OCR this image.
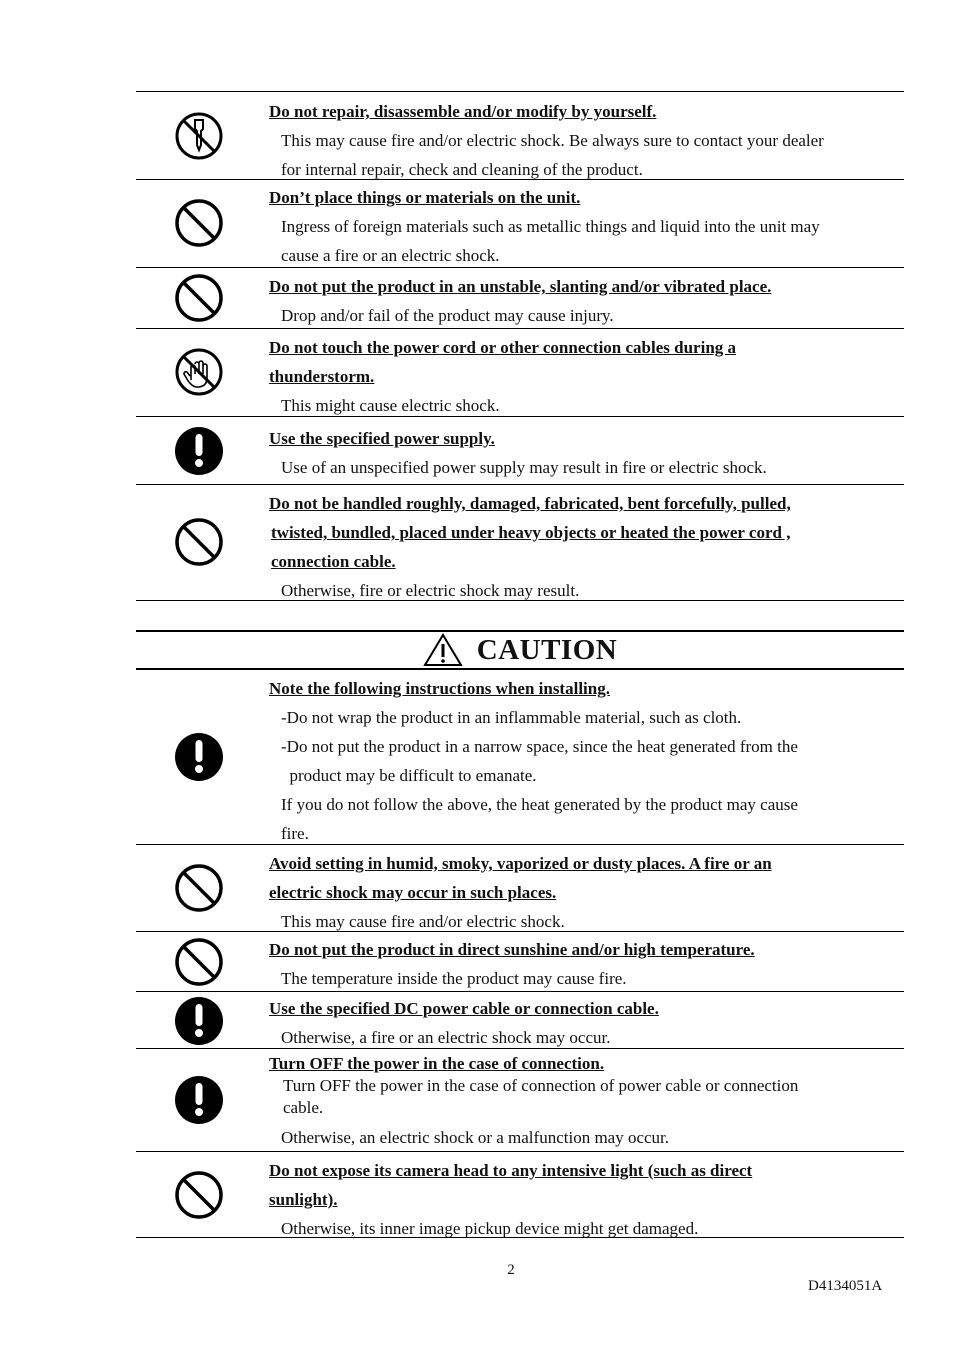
Do not repair, disassemble and/or modify by yourself.
This may cause fire and/or electric shock. Be always sure to contact your dealer
for internal repair, check and cleaning of the product.
Don’t place things or materials on the unit.
Ingress of foreign materials such as metallic things and liquid into the unit may
cause a fire or an electric shock.
Do not put the product in an unstable, slanting and/or vibrated place.
Drop and/or fail of the product may cause injury.
Do not touch the power cord or other connection cables during a
thunderstorm.
This might cause electric shock.
Use the specified power supply.
Use of an unspecified power supply may result in fire or electric shock.
Do not be handled roughly, damaged, fabricated, bent forcefully, pulled,
twisted, bundled, placed under heavy objects or heated the power cord ,
connection cable.
Otherwise, fire or electric shock may result.
CAUTION
Note the following instructions when installing.
-Do not wrap the product in an inflammable material, such as cloth.
-Do not put the product in a narrow space, since the heat generated from the
product may be difficult to emanate.
If you do not follow the above, the heat generated by the product may cause
fire.
Avoid setting in humid, smoky, vaporized or dusty places. A fire or an
electric shock may occur in such places.
This may cause fire and/or electric shock.
Do not put the product in direct sunshine and/or high temperature.
The temperature inside the product may cause fire.
Use the specified DC power cable or connection cable.
Otherwise, a fire or an electric shock may occur.
Turn OFF the power in the case of connection.
Turn OFF the power in the case of connection of power cable or connection
cable.
Otherwise, an electric shock or a malfunction may occur.
Do not expose its camera head to any intensive light (such as direct
sunlight).
Otherwise, its inner image pickup device might get damaged.
2
D4134051A
